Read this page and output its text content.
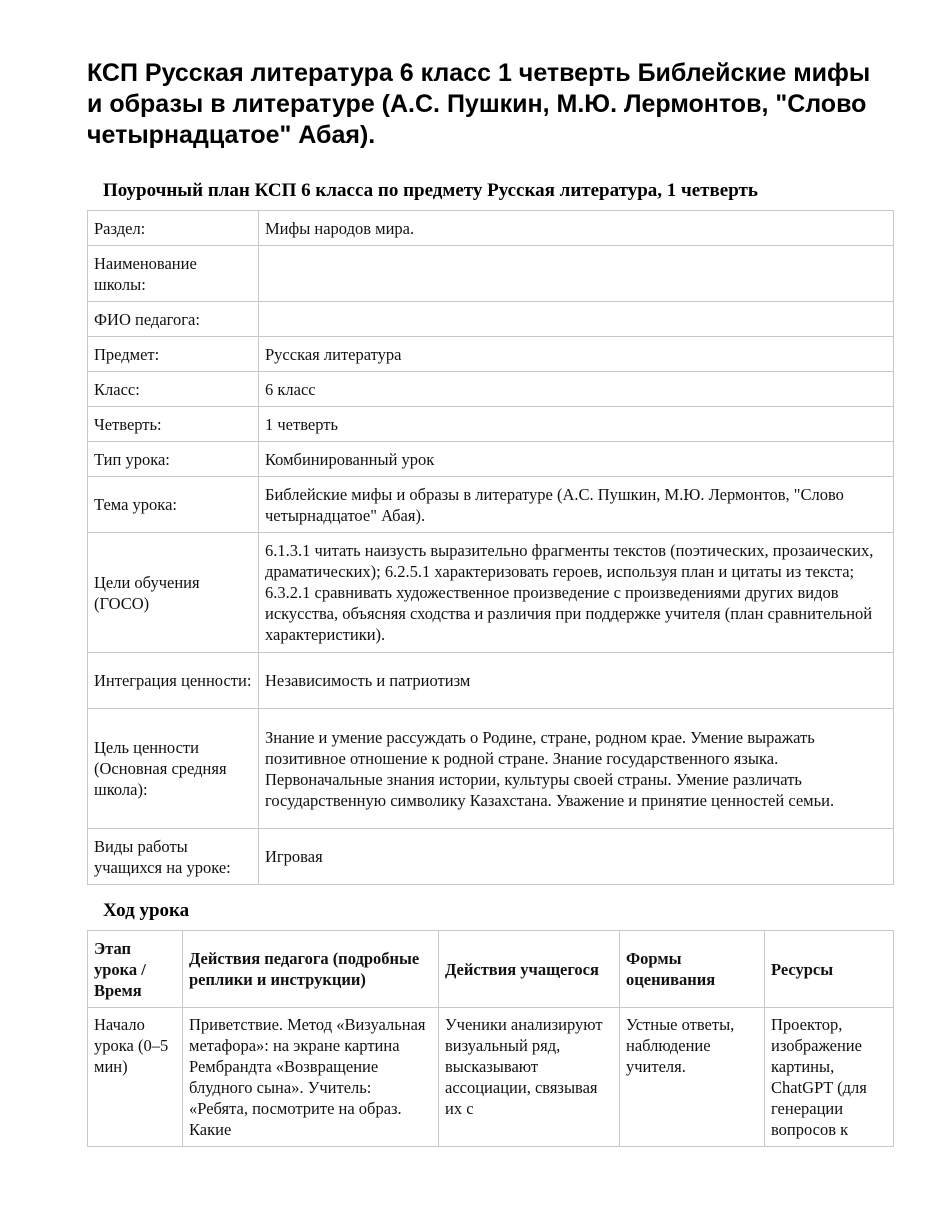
КСП Русская литература 6 класс 1 четверть Библейские мифы и образы в литературе (А.С. Пушкин, М.Ю. Лермонтов, "Слово четырнадцатое" Абая).
Поурочный план КСП 6 класса по предмету Русская литература, 1 четверть
Раздел:	Мифы народов мира.
Наименование школы:	
ФИО педагога:	
Предмет:	Русская литература
Класс:	6 класс
Четверть:	1 четверть
Тип урока:	Комбинированный урок
Тема урока:	Библейские мифы и образы в литературе (А.С. Пушкин, М.Ю. Лермонтов, "Слово четырнадцатое" Абая).
Цели обучения (ГОСО)	6.1.3.1 читать наизусть выразительно фрагменты текстов (поэтических, прозаических, драматических); 6.2.5.1 характеризовать героев, используя план и цитаты из текста; 6.3.2.1 сравнивать художественное произведение с произведениями других видов искусства, объясняя сходства и различия при поддержке учителя (план сравнительной характеристики).
Интеграция ценности:	Независимость и патриотизм
Цель ценности (Основная средняя школа):	Знание и умение рассуждать о Родине, стране, родном крае. Умение выражать позитивное отношение к родной стране. Знание государственного языка. Первоначальные знания истории, культуры своей страны. Умение различать государственную символику Казахстана. Уважение и принятие ценностей семьи.
Виды работы учащихся на уроке:	Игровая
Ход урока
Этап урока / Время	Действия педагога (подробные реплики и инструкции)	Действия учащегося	Формы оценивания	Ресурсы
Начало урока (0–5 мин)	Приветствие. Метод «Визуальная метафора»: на экране картина Рембрандта «Возвращение блудного сына». Учитель: «Ребята, посмотрите на образ. Какие	Ученики анализируют визуальный ряд, высказывают ассоциации, связывая их с	Устные ответы, наблюдение учителя.	Проектор, изображение картины, ChatGPT (для генерации вопросов к
